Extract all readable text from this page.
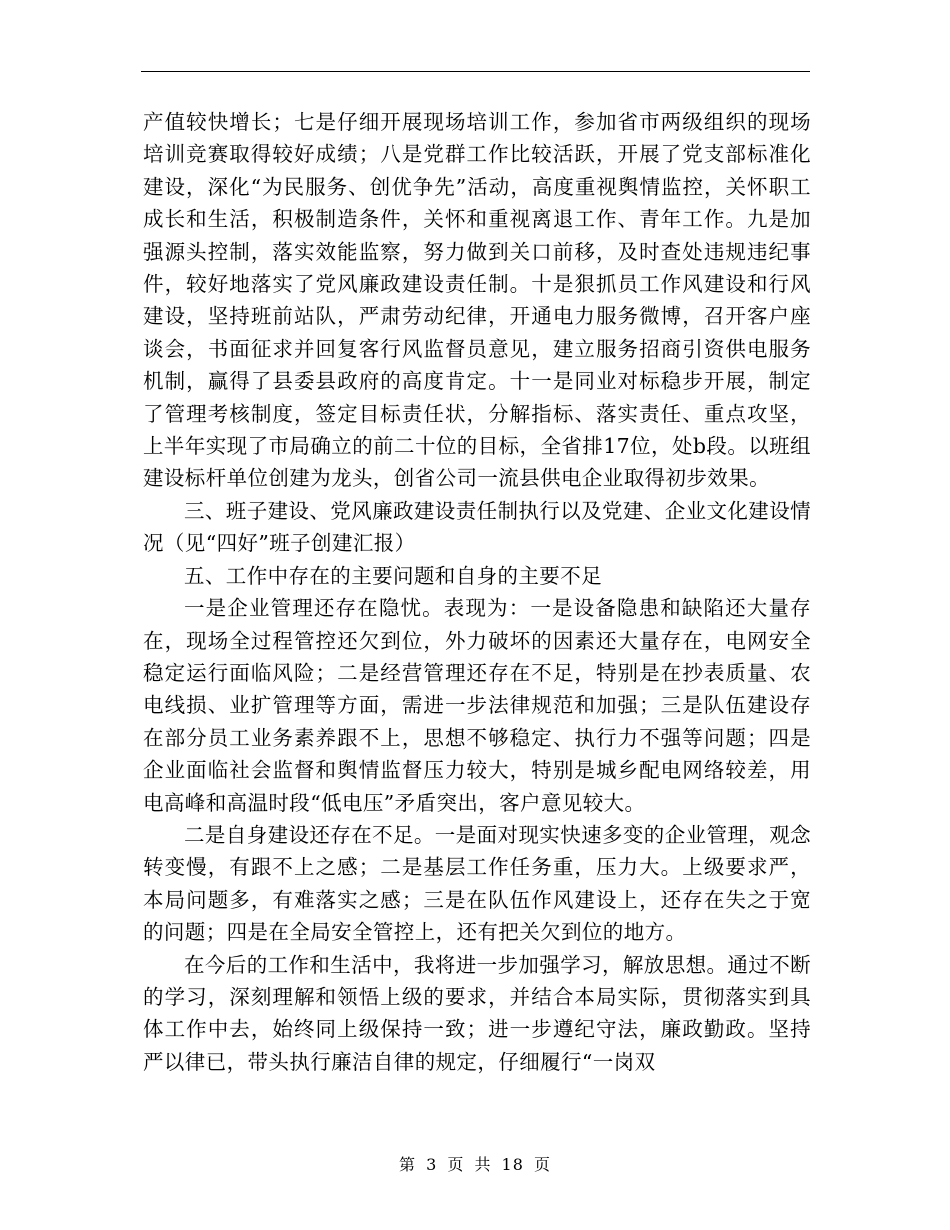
产值较快增长；七是仔细开展现场培训工作，参加省市两级组织的现场培训竞赛取得较好成绩；八是党群工作比较活跃，开展了党支部标准化建设，深化“为民服务、创优争先”活动，高度重视舆情监控，关怀职工成长和生活，积极制造条件，关怀和重视离退工作、青年工作。九是加强源头控制，落实效能监察，努力做到关口前移，及时查处违规违纪事件，较好地落实了党风廉政建设责任制。十是狠抓员工作风建设和行风建设，坚持班前站队，严肃劳动纪律，开通电力服务微博，召开客户座谈会，书面征求并回复客行风监督员意见，建立服务招商引资供电服务机制，赢得了县委县政府的高度肯定。十一是同业对标稳步开展，制定了管理考核制度，签定目标责任状，分解指标、落实责任、重点攻坚，上半年实现了市局确立的前二十位的目标，全省排17位，处b段。以班组建设标杆单位创建为龙头，创省公司一流县供电企业取得初步效果。

三、班子建设、党风廉政建设责任制执行以及党建、企业文化建设情况（见“四好”班子创建汇报）

五、工作中存在的主要问题和自身的主要不足

一是企业管理还存在隐忧。表现为：一是设备隐患和缺陷还大量存在，现场全过程管控还欠到位，外力破坏的因素还大量存在，电网安全稳定运行面临风险；二是经营管理还存在不足，特别是在抄表质量、农电线损、业扩管理等方面，需进一步法律规范和加强；三是队伍建设存在部分员工业务素养跟不上，思想不够稳定、执行力不强等问题；四是企业面临社会监督和舆情监督压力较大，特别是城乡配电网络较差，用电高峰和高温时段“低电压”矛盾突出，客户意见较大。

二是自身建设还存在不足。一是面对现实快速多变的企业管理，观念转变慢，有跟不上之感；二是基层工作任务重，压力大。上级要求严，本局问题多，有难落实之感；三是在队伍作风建设上，还存在失之于宽的问题；四是在全局安全管控上，还有把关欠到位的地方。

在今后的工作和生活中，我将进一步加强学习，解放思想。通过不断的学习，深刻理解和领悟上级的要求，并结合本局实际，贯彻落实到具体工作中去，始终同上级保持一致；进一步遵纪守法，廉政勤政。坚持严以律已，带头执行廉洁自律的规定，仔细履行“一岗双

第 3 页 共 18 页
